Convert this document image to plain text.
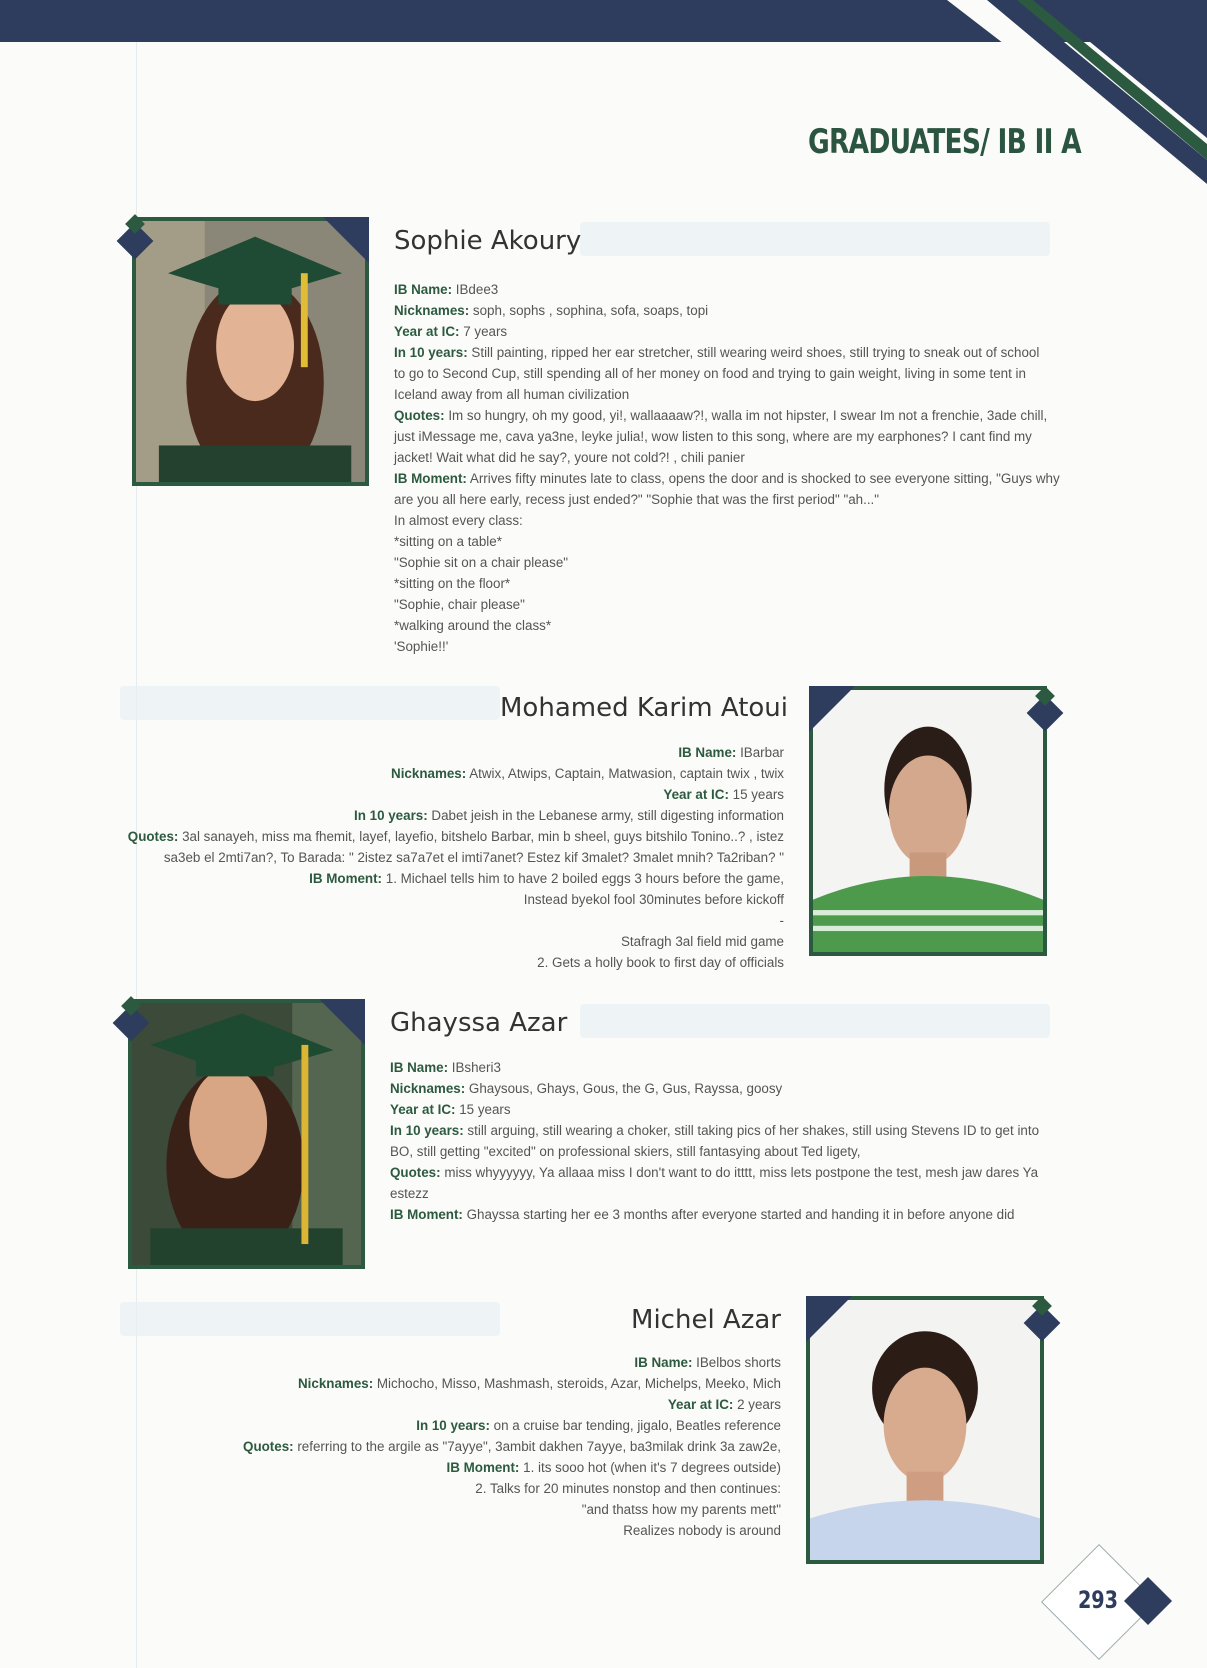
GRADUATES/ IB II A
Sophie Akoury
IB Name: IBdee3
Nicknames: soph, sophs , sophina, sofa, soaps, topi
Year at IC: 7 years
In 10 years: Still painting, ripped her ear stretcher, still wearing weird shoes, still trying to sneak out of school
to go to Second Cup, still spending all of her money on food and trying to gain weight, living in some tent in
Iceland away from all human civilization
Quotes: Im so hungry, oh my good, yi!, wallaaaaw?!, walla im not hipster, I swear Im not a frenchie, 3ade chill,
just iMessage me, cava ya3ne, leyke julia!, wow listen to this song, where are my earphones? I cant find my
jacket! Wait what did he say?, youre not cold?! , chili panier
IB Moment: Arrives fifty minutes late to class, opens the door and is shocked to see everyone sitting, "Guys why
are you all here early, recess just ended?" "Sophie that was the first period" "ah..."
In almost every class:
*sitting on a table*
"Sophie sit on a chair please"
*sitting on the floor*
"Sophie, chair please"
*walking around the class*
'Sophie!!'
Mohamed Karim Atoui
IB Name: IBarbar
Nicknames: Atwix, Atwips, Captain, Matwasion, captain twix , twix
Year at IC: 15 years
In 10 years: Dabet jeish in the Lebanese army, still digesting information
Quotes: 3al sanayeh, miss ma fhemit, layef, layefio, bitshelo Barbar, min b sheel, guys bitshilo Tonino..? , istez
sa3eb el 2mti7an?, To Barada: " 2istez sa7a7et el imti7anet? Estez kif 3malet? 3malet mnih? Ta2riban? "
IB Moment: 1. Michael tells him to have 2 boiled eggs 3 hours before the game,
Instead byekol fool 30minutes before kickoff
-
Stafragh 3al field mid game
2. Gets a holly book to first day of officials
Ghayssa Azar
IB Name: IBsheri3
Nicknames: Ghaysous, Ghays, Gous, the G, Gus, Rayssa, goosy
Year at IC: 15 years
In 10 years: still arguing, still wearing a choker, still taking pics of her shakes, still using Stevens ID to get into
BO, still getting "excited" on professional skiers, still fantasying about Ted ligety,
Quotes: miss whyyyyyy, Ya allaaa miss I don't want to do itttt, miss lets postpone the test, mesh jaw dares Ya
estezz
IB Moment: Ghayssa starting her ee 3 months after everyone started and handing it in before anyone did
Michel Azar
IB Name: IBelbos shorts
Nicknames: Michocho, Misso, Mashmash, steroids, Azar, Michelps, Meeko, Mich
Year at IC: 2 years
In 10 years: on a cruise bar tending, jigalo, Beatles reference
Quotes: referring to the argile as "7ayye", 3ambit dakhen 7ayye, ba3milak drink 3a zaw2e,
IB Moment: 1. its sooo hot (when it's 7 degrees outside)
2. Talks for 20 minutes nonstop and then continues:
"and thatss how my parents mett"
Realizes nobody is around
293
